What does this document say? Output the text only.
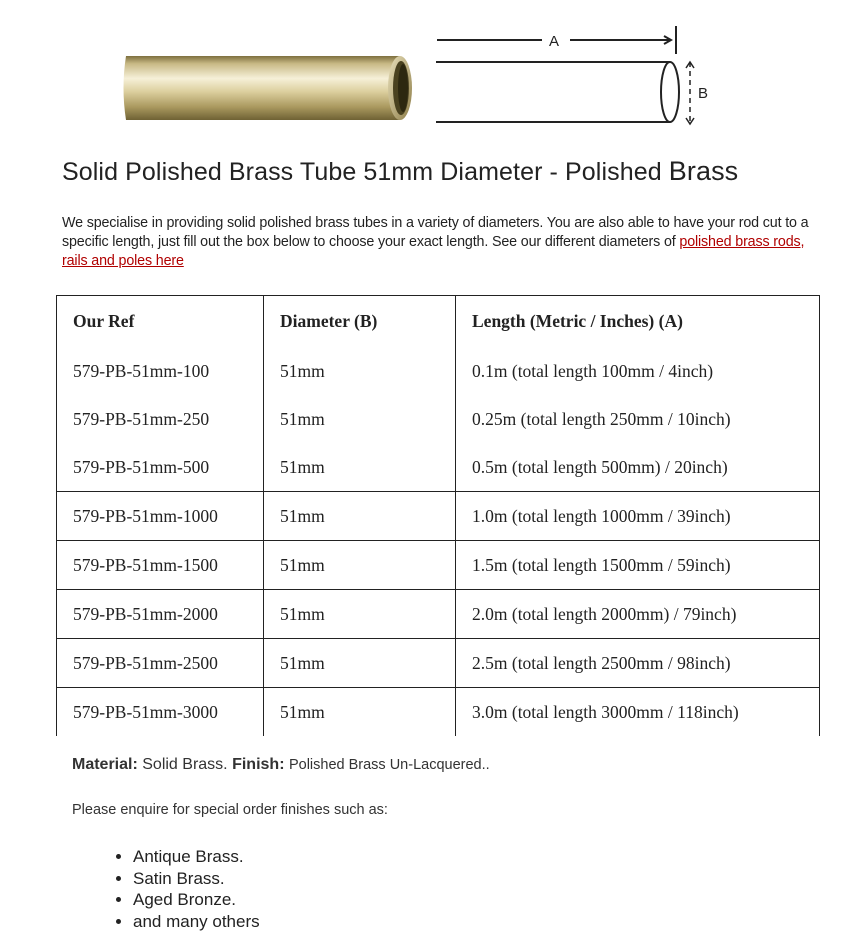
A
B
Solid Polished Brass Tube 51mm Diameter - Polished Brass
We specialise in providing solid polished brass tubes in a variety of diameters. You are also able to have your rod cut to a specific length, just fill out the box below to choose your exact length. See our different diameters of polished brass rods, rails and poles here
Our Ref	Diameter (B)	Length (Metric / Inches) (A)
579-PB-51mm-100	51mm	0.1m (total length 100mm / 4inch)
579-PB-51mm-250	51mm	0.25m (total length 250mm / 10inch)
579-PB-51mm-500	51mm	0.5m (total length 500mm) / 20inch)
579-PB-51mm-1000	51mm	1.0m (total length 1000mm / 39inch)
579-PB-51mm-1500	51mm	1.5m (total length 1500mm / 59inch)
579-PB-51mm-2000	51mm	2.0m (total length 2000mm) / 79inch)
579-PB-51mm-2500	51mm	2.5m (total length 2500mm / 98inch)
579-PB-51mm-3000	51mm	3.0m (total length 3000mm / 118inch)
Material: Solid Brass. Finish: Polished Brass Un-Lacquered..
Please enquire for special order finishes such as:
• Antique Brass.
• Satin Brass.
• Aged Bronze.
• and many others
